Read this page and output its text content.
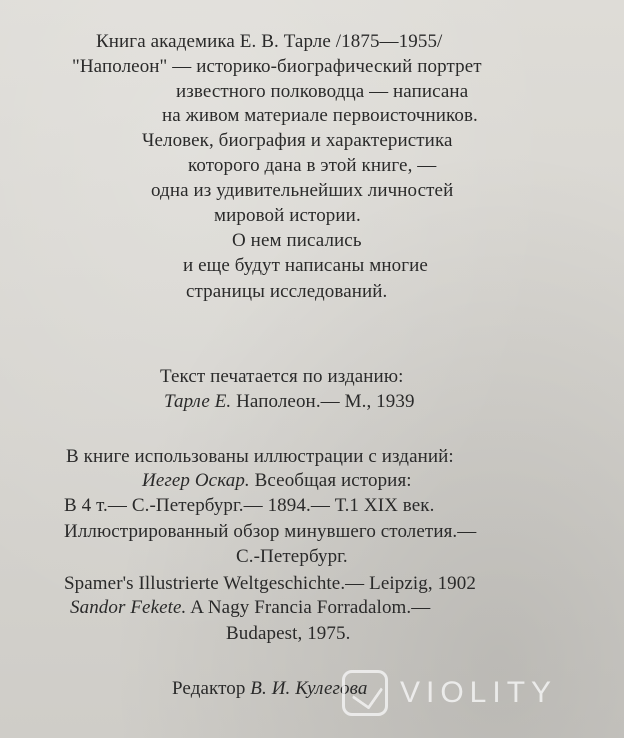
Книга академика Е. В. Тарле /1875—1955/
"Наполеон" — историко-биографический портрет
известного полководца — написана
на живом материале первоисточников.
Человек, биография и характеристика
которого дана в этой книге, —
одна из удивительнейших личностей
мировой истории.
О нем писались
и еще будут написаны многие
страницы исследований.
Текст печатается по изданию:
Тарле Е. Наполеон.— М., 1939
В книге использованы иллюстрации с изданий:
Иегер Оскар. Всеобщая история:
В 4 т.— С.-Петербург.— 1894.— Т.1 XIX век.
Иллюстрированный обзор минувшего столетия.—
С.-Петербург.
Spamer's Illustrierte Weltgeschichte.— Leipzig, 1902
Sandor Fekete. A Nagy Francia Forradalom.—
Budapest, 1975.
Редактор В. И. Кулегова VIOLITY
